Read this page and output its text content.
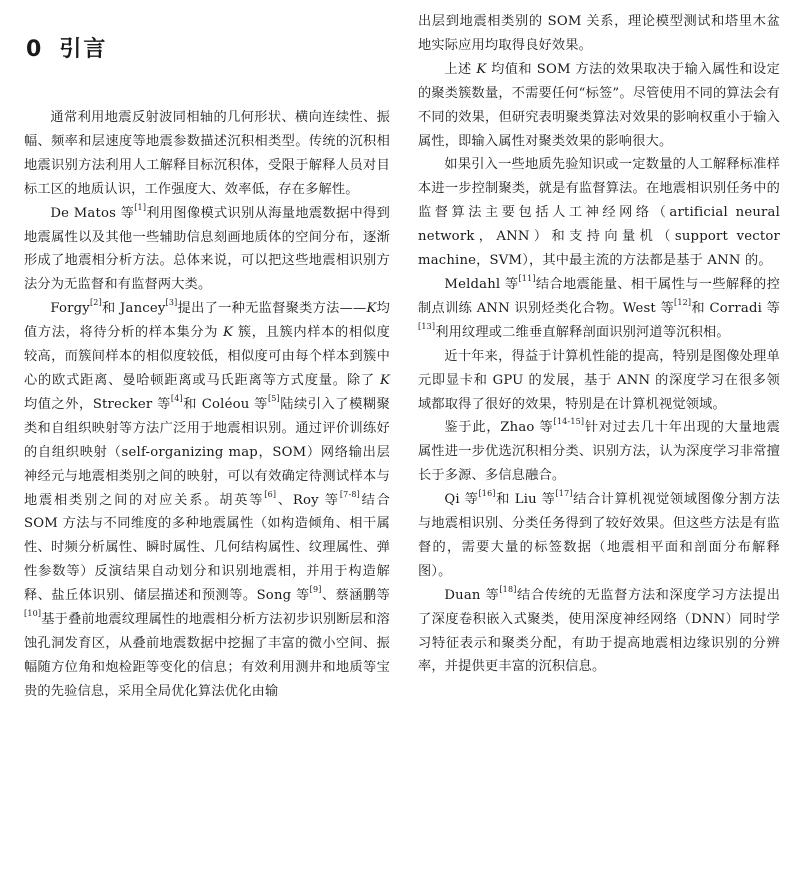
0 引言

通常利用地震反射波同相轴的几何形状、横向连续性、振幅、频率和层速度等地震参数描述沉积相类型。传统的沉积相地震识别方法利用人工解释目标沉积体，受限于解释人员对目标工区的地质认识，工作强度大、效率低，存在多解性。

De Matos 等[1]利用图像模式识别从海量地震数据中得到地震属性以及其他一些辅助信息刻画地质体的空间分布，逐渐形成了地震相分析方法。总体来说，可以把这些地震相识别方法分为无监督和有监督两大类。

Forgy[2]和 Jancey[3]提出了一种无监督聚类方法——K均值方法，将待分析的样本集分为 K 簇，且簇内样本的相似度较高，而簇间样本的相似度较低，相似度可由每个样本到簇中心的欧式距离、曼哈顿距离或马氏距离等方式度量。除了 K 均值之外，Strecker 等[4]和 Coléou 等[5]陆续引入了模糊聚类和自组织映射等方法广泛用于地震相识别。通过评价训练好的自组织映射（self-organizing map，SOM）网络输出层神经元与地震相类别之间的映射，可以有效确定待测试样本与地震相类别之间的对应关系。胡英等[6]、Roy 等[7-8]结合 SOM 方法与不同维度的多种地震属性（如构造倾角、相干属性、时频分析属性、瞬时属性、几何结构属性、纹理属性、弹性参数等）反演结果自动划分和识别地震相，并用于构造解释、盐丘体识别、储层描述和预测等。Song 等[9]、蔡涵鹏等[10]基于叠前地震纹理属性的地震相分析方法初步识别断层和溶蚀孔洞发育区，从叠前地震数据中挖掘了丰富的微小空间、振幅随方位角和炮检距等变化的信息；有效利用测井和地质等宝贵的先验信息，采用全局优化算法优化由输

出层到地震相类别的 SOM 关系，理论模型测试和塔里木盆地实际应用均取得良好效果。

上述 K 均值和 SOM 方法的效果取决于输入属性和设定的聚类簇数量，不需要任何“标签”。尽管使用不同的算法会有不同的效果，但研究表明聚类算法对效果的影响权重小于输入属性，即输入属性对聚类效果的影响很大。

如果引入一些地质先验知识或一定数量的人工解释标准样本进一步控制聚类，就是有监督算法。在地震相识别任务中的监督算法主要包括人工神经网络（artificial neural network，ANN）和支持向量机（support vector machine，SVM），其中最主流的方法都是基于 ANN 的。

Meldahl 等[11]结合地震能量、相干属性与一些解释的控制点训练 ANN 识别烃类化合物。West 等[12]和 Corradi 等[13]利用纹理或二维垂直解释剖面识别河道等沉积相。

近十年来，得益于计算机性能的提高，特别是图像处理单元即显卡和 GPU 的发展，基于 ANN 的深度学习在很多领域都取得了很好的效果，特别是在计算机视觉领域。

鉴于此，Zhao 等[14-15]针对过去几十年出现的大量地震属性进一步优选沉积相分类、识别方法，认为深度学习非常擅长于多源、多信息融合。

Qi 等[16]和 Liu 等[17]结合计算机视觉领域图像分割方法与地震相识别、分类任务得到了较好效果。但这些方法是有监督的，需要大量的标签数据（地震相平面和剖面分布解释图）。

Duan 等[18]结合传统的无监督方法和深度学习方法提出了深度卷积嵌入式聚类，使用深度神经网络（DNN）同时学习特征表示和聚类分配，有助于提高地震相边缘识别的分辨率，并提供更丰富的沉积信息。
